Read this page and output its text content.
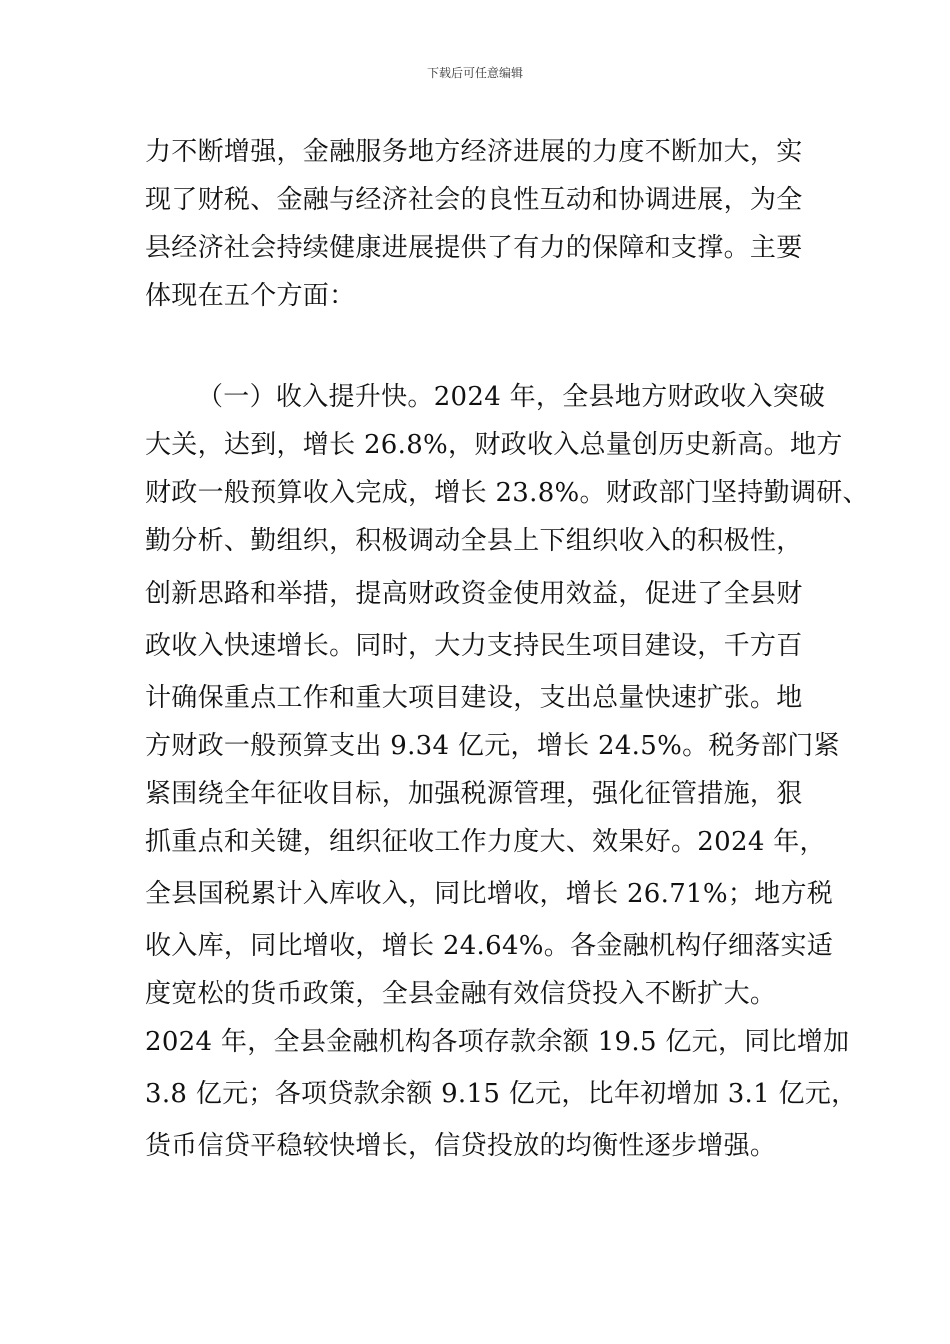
下载后可任意编辑
力不断增强，金融服务地方经济进展的力度不断加大，实
现了财税、金融与经济社会的良性互动和协调进展，为全
县经济社会持续健康进展提供了有力的保障和支撑。主要
体现在五个方面：
（一）收入提升快。2024 年，全县地方财政收入突破
大关，达到，增长 26.8%，财政收入总量创历史新高。地方
财政一般预算收入完成，增长 23.8%。财政部门坚持勤调研、
勤分析、勤组织，积极调动全县上下组织收入的积极性，
创新思路和举措，提高财政资金使用效益，促进了全县财
政收入快速增长。同时，大力支持民生项目建设，千方百
计确保重点工作和重大项目建设，支出总量快速扩张。地
方财政一般预算支出 9.34 亿元，增长 24.5%。税务部门紧
紧围绕全年征收目标，加强税源管理，强化征管措施，狠
抓重点和关键，组织征收工作力度大、效果好。2024 年，
全县国税累计入库收入，同比增收，增长 26.71%；地方税
收入库，同比增收，增长 24.64%。各金融机构仔细落实适
度宽松的货币政策，全县金融有效信贷投入不断扩大。
2024 年，全县金融机构各项存款余额 19.5 亿元，同比增加
3.8 亿元；各项贷款余额 9.15 亿元，比年初增加 3.1 亿元，
货币信贷平稳较快增长，信贷投放的均衡性逐步增强。
